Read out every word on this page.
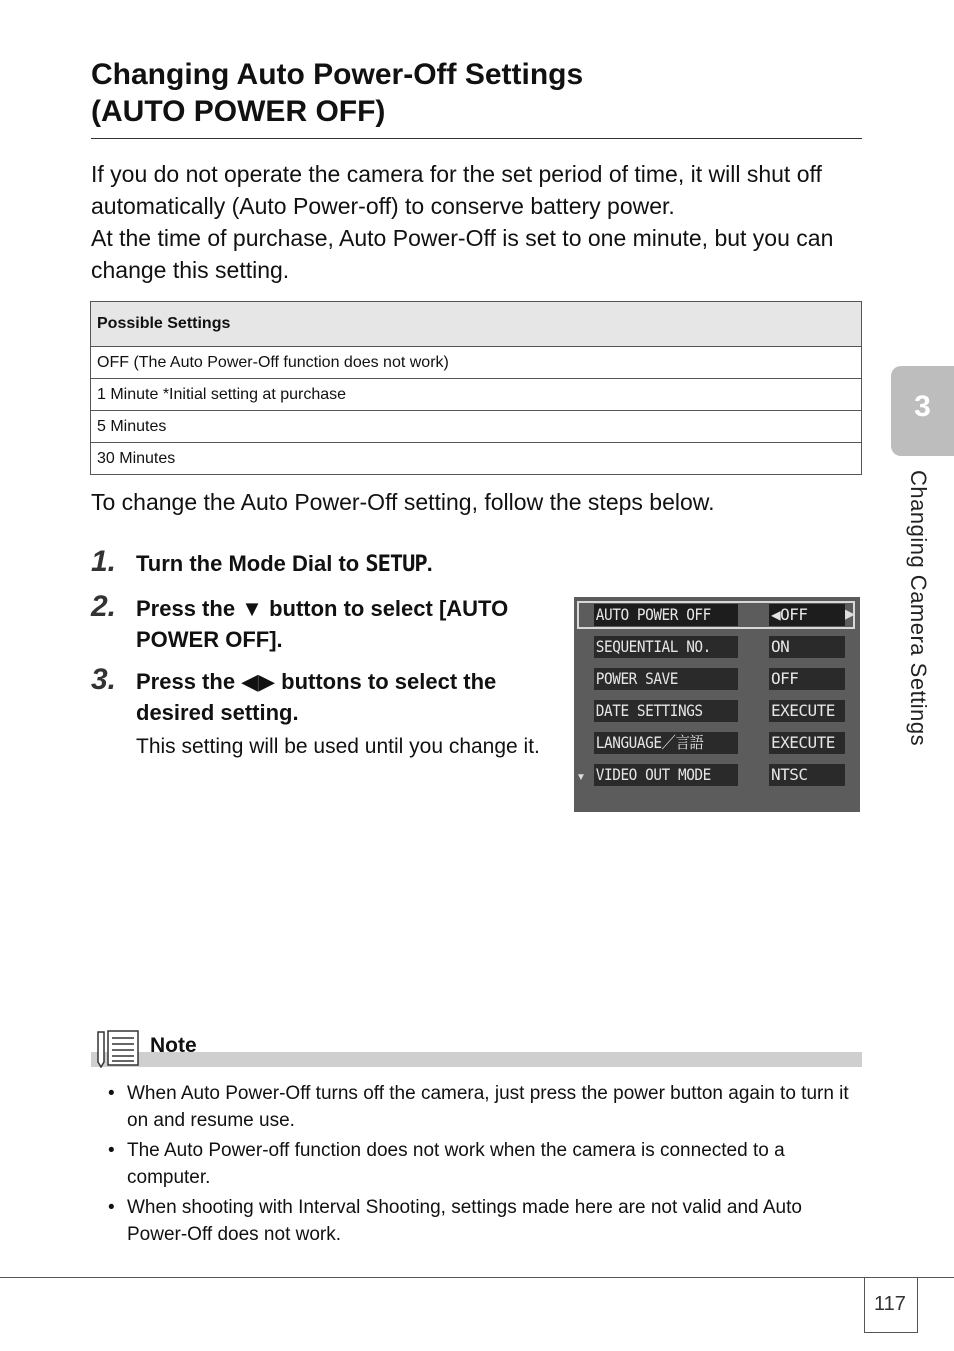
Changing Auto Power-Off Settings
(AUTO POWER OFF)

If you do not operate the camera for the set period of time, it will shut off automatically (Auto Power-off) to conserve battery power.

At the time of purchase, Auto Power-Off is set to one minute, but you can change this setting.

Possible Settings
OFF (The Auto Power-Off function does not work)
1 Minute *Initial setting at purchase
5 Minutes
30 Minutes
To change the Auto Power-Off setting, follow the steps below.
1. Turn the Mode Dial to SETUP.
2. Press the ▼ button to select [AUTO POWER OFF].
3. Press the ◀▶ buttons to select the desired setting.
This setting will be used until you change it.
AUTO POWER OFF	◀OFF
SEQUENTIAL NO.	ON
POWER SAVE	OFF
DATE SETTINGS	EXECUTE
LANGUAGE／言語	EXECUTE
VIDEO OUT MODE	NTSC
▶
▼
3
Changing Camera Settings
Note
• When Auto Power-Off turns off the camera, just press the power button again to turn it on and resume use.
• The Auto Power-off function does not work when the camera is connected to a computer.
• When shooting with Interval Shooting, settings made here are not valid and Auto Power-Off does not work.
117
